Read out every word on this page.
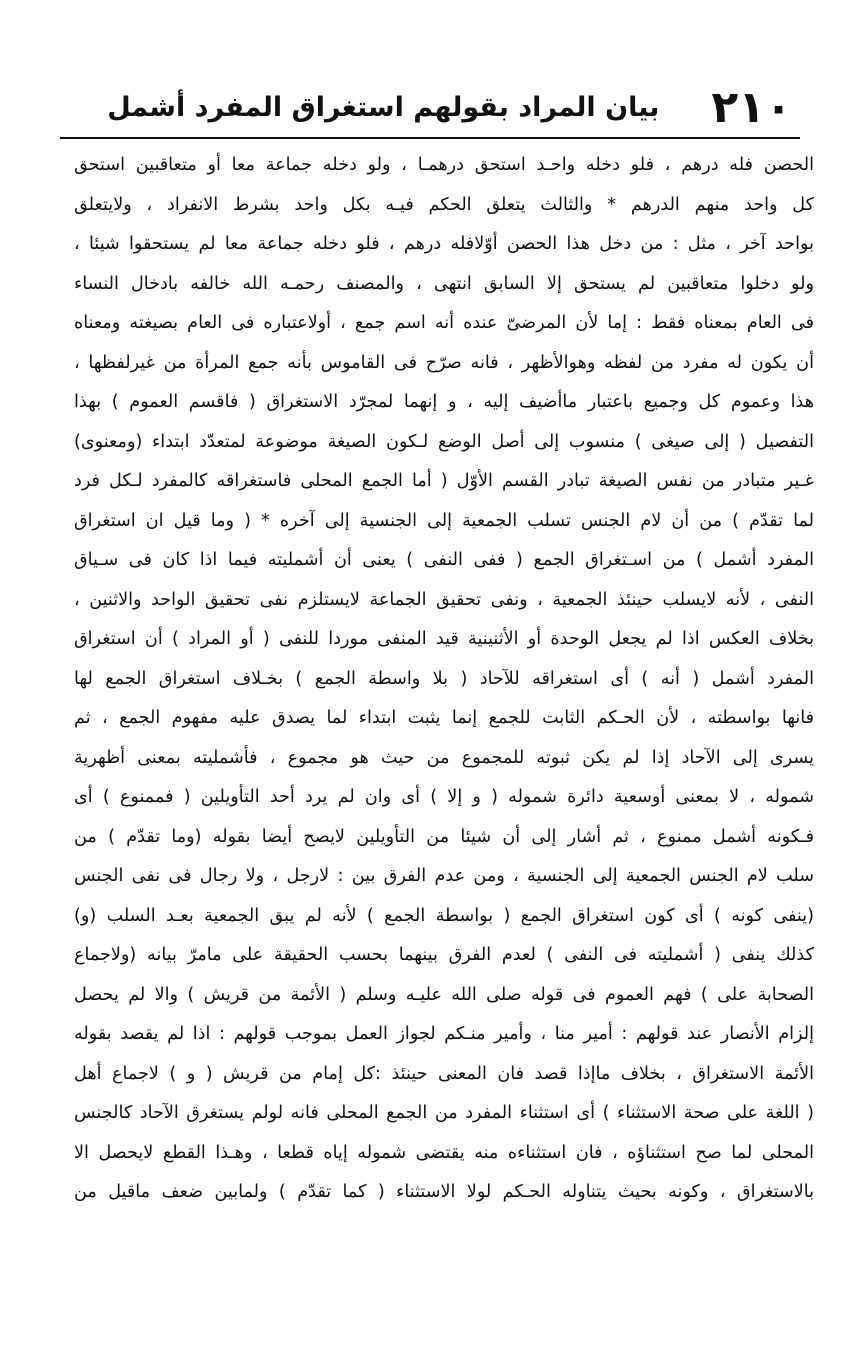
٢١٠
بيان المراد بقولهم استغراق المفرد أشمل
الحصن فله درهم ، فلو دخله واحـد استحق درهمـا ، ولو دخله جماعة معا أو متعاقبين استحق
كل واحد منهم الدرهم * والثالث يتعلق الحكم فيـه بكل واحد بشرط الانفراد ، ولايتعلق
بواحد آخر ، مثل : من دخل هذا الحصن أوّلافله درهم ، فلو دخله جماعة معا لم يستحقوا شيئا ،
ولو دخلوا متعاقبين لم يستحق إلا السابق انتهى ، والمصنف رحمـه الله خالفه بادخال النساء
فى العام بمعناه فقط : إما لأن المرضىّ عنده أنه اسم جمع ، أولاعتباره فى العام بصيغته ومعناه
أن يكون له مفرد من لفظه وهوالأظهر ، فانه صرّح فى القاموس بأنه جمع المرأة من غيرلفظها ،
هذا وعموم كل وجميع باعتبار ماأضيف إليه ، و إنهما لمجرّد الاستغراق ( فاقسم العموم ) بهذا
التفصيل ( إلى صيغى ) منسوب إلى أصل الوضع لـكون الصيغة موضوعة لمتعدّد ابتداء (ومعنوى)
غـير متبادر من نفس الصيغة تبادر القسم الأوّل ( أما الجمع المحلى فاستغراقه كالمفرد لـكل فرد
لما تقدّم ) من أن لام الجنس تسلب الجمعية إلى الجنسية إلى آخره * ( وما قيل ان استغراق
المفرد أشمل ) من اسـتغراق الجمع ( ففى النفى ) يعنى أن أشمليته فيما اذا كان فى سـياق
النفى ، لأنه لايسلب حينئذ الجمعية ، ونفى تحقيق الجماعة لايستلزم نفى تحقيق الواحد والاثنين ،
بخلاف العكس اذا لم يجعل الوحدة أو الأثنينية قيد المنفى موردا للنفى ( أو المراد ) أن استغراق
المفرد أشمل ( أنه ) أى استغراقه للآحاد ( بلا واسطة الجمع ) بخـلاف استغراق الجمع لها
فانها بواسطته ، لأن الحـكم الثابت للجمع إنما يثبت ابتداء لما يصدق عليه مفهوم الجمع ، ثم
يسرى إلى الآحاد إذا لم يكن ثبوته للمجموع من حيث هو مجموع ، فأشمليته بمعنى أظهرية
شموله ، لا بمعنى أوسعية دائرة شموله ( و إلا ) أى وان لم يرد أحد التأويلين ( فممنوع ) أى
فـكونه أشمل ممنوع ، ثم أشار إلى أن شيئا من التأويلين لايصح أيضا بقوله (وما تقدّم ) من
سلب لام الجنس الجمعية إلى الجنسية ، ومن عدم الفرق بين : لارجل ، ولا رجال فى نفى الجنس
(ينفى كونه ) أى كون استغراق الجمع ( بواسطة الجمع ) لأنه لم يبق الجمعية بعـد السلب (و)
كذلك ينفى ( أشمليته فى النفى ) لعدم الفرق بينهما بحسب الحقيقة على مامرّ بيانه (ولاجماع
الصحابة على ) فهم العموم فى قوله صلى الله عليـه وسلم ( الأئمة من قريش ) والا لم يحصل
إلزام الأنصار عند قولهم : أمير منا ، وأمير منـكم لجواز العمل بموجب قولهم : اذا لم يقصد بقوله
الأئمة الاستغراق ، بخلاف ماإذا قصد فان المعنى حينئذ :كل إمام من قريش ( و ) لاجماع أهل
( اللغة على صحة الاستثناء ) أى استثناء المفرد من الجمع المحلى فانه لولم يستغرق الآحاد كالجنس
المحلى لما صح استثناؤه ، فان استثناءه منه يقتضى شموله إياه قطعا ، وهـذا القطع لايحصل الا
بالاستغراق ، وكونه بحيث يتناوله الحـكم لولا الاستثناء ( كما تقدّم ) ولمابين ضعف ماقيل من
